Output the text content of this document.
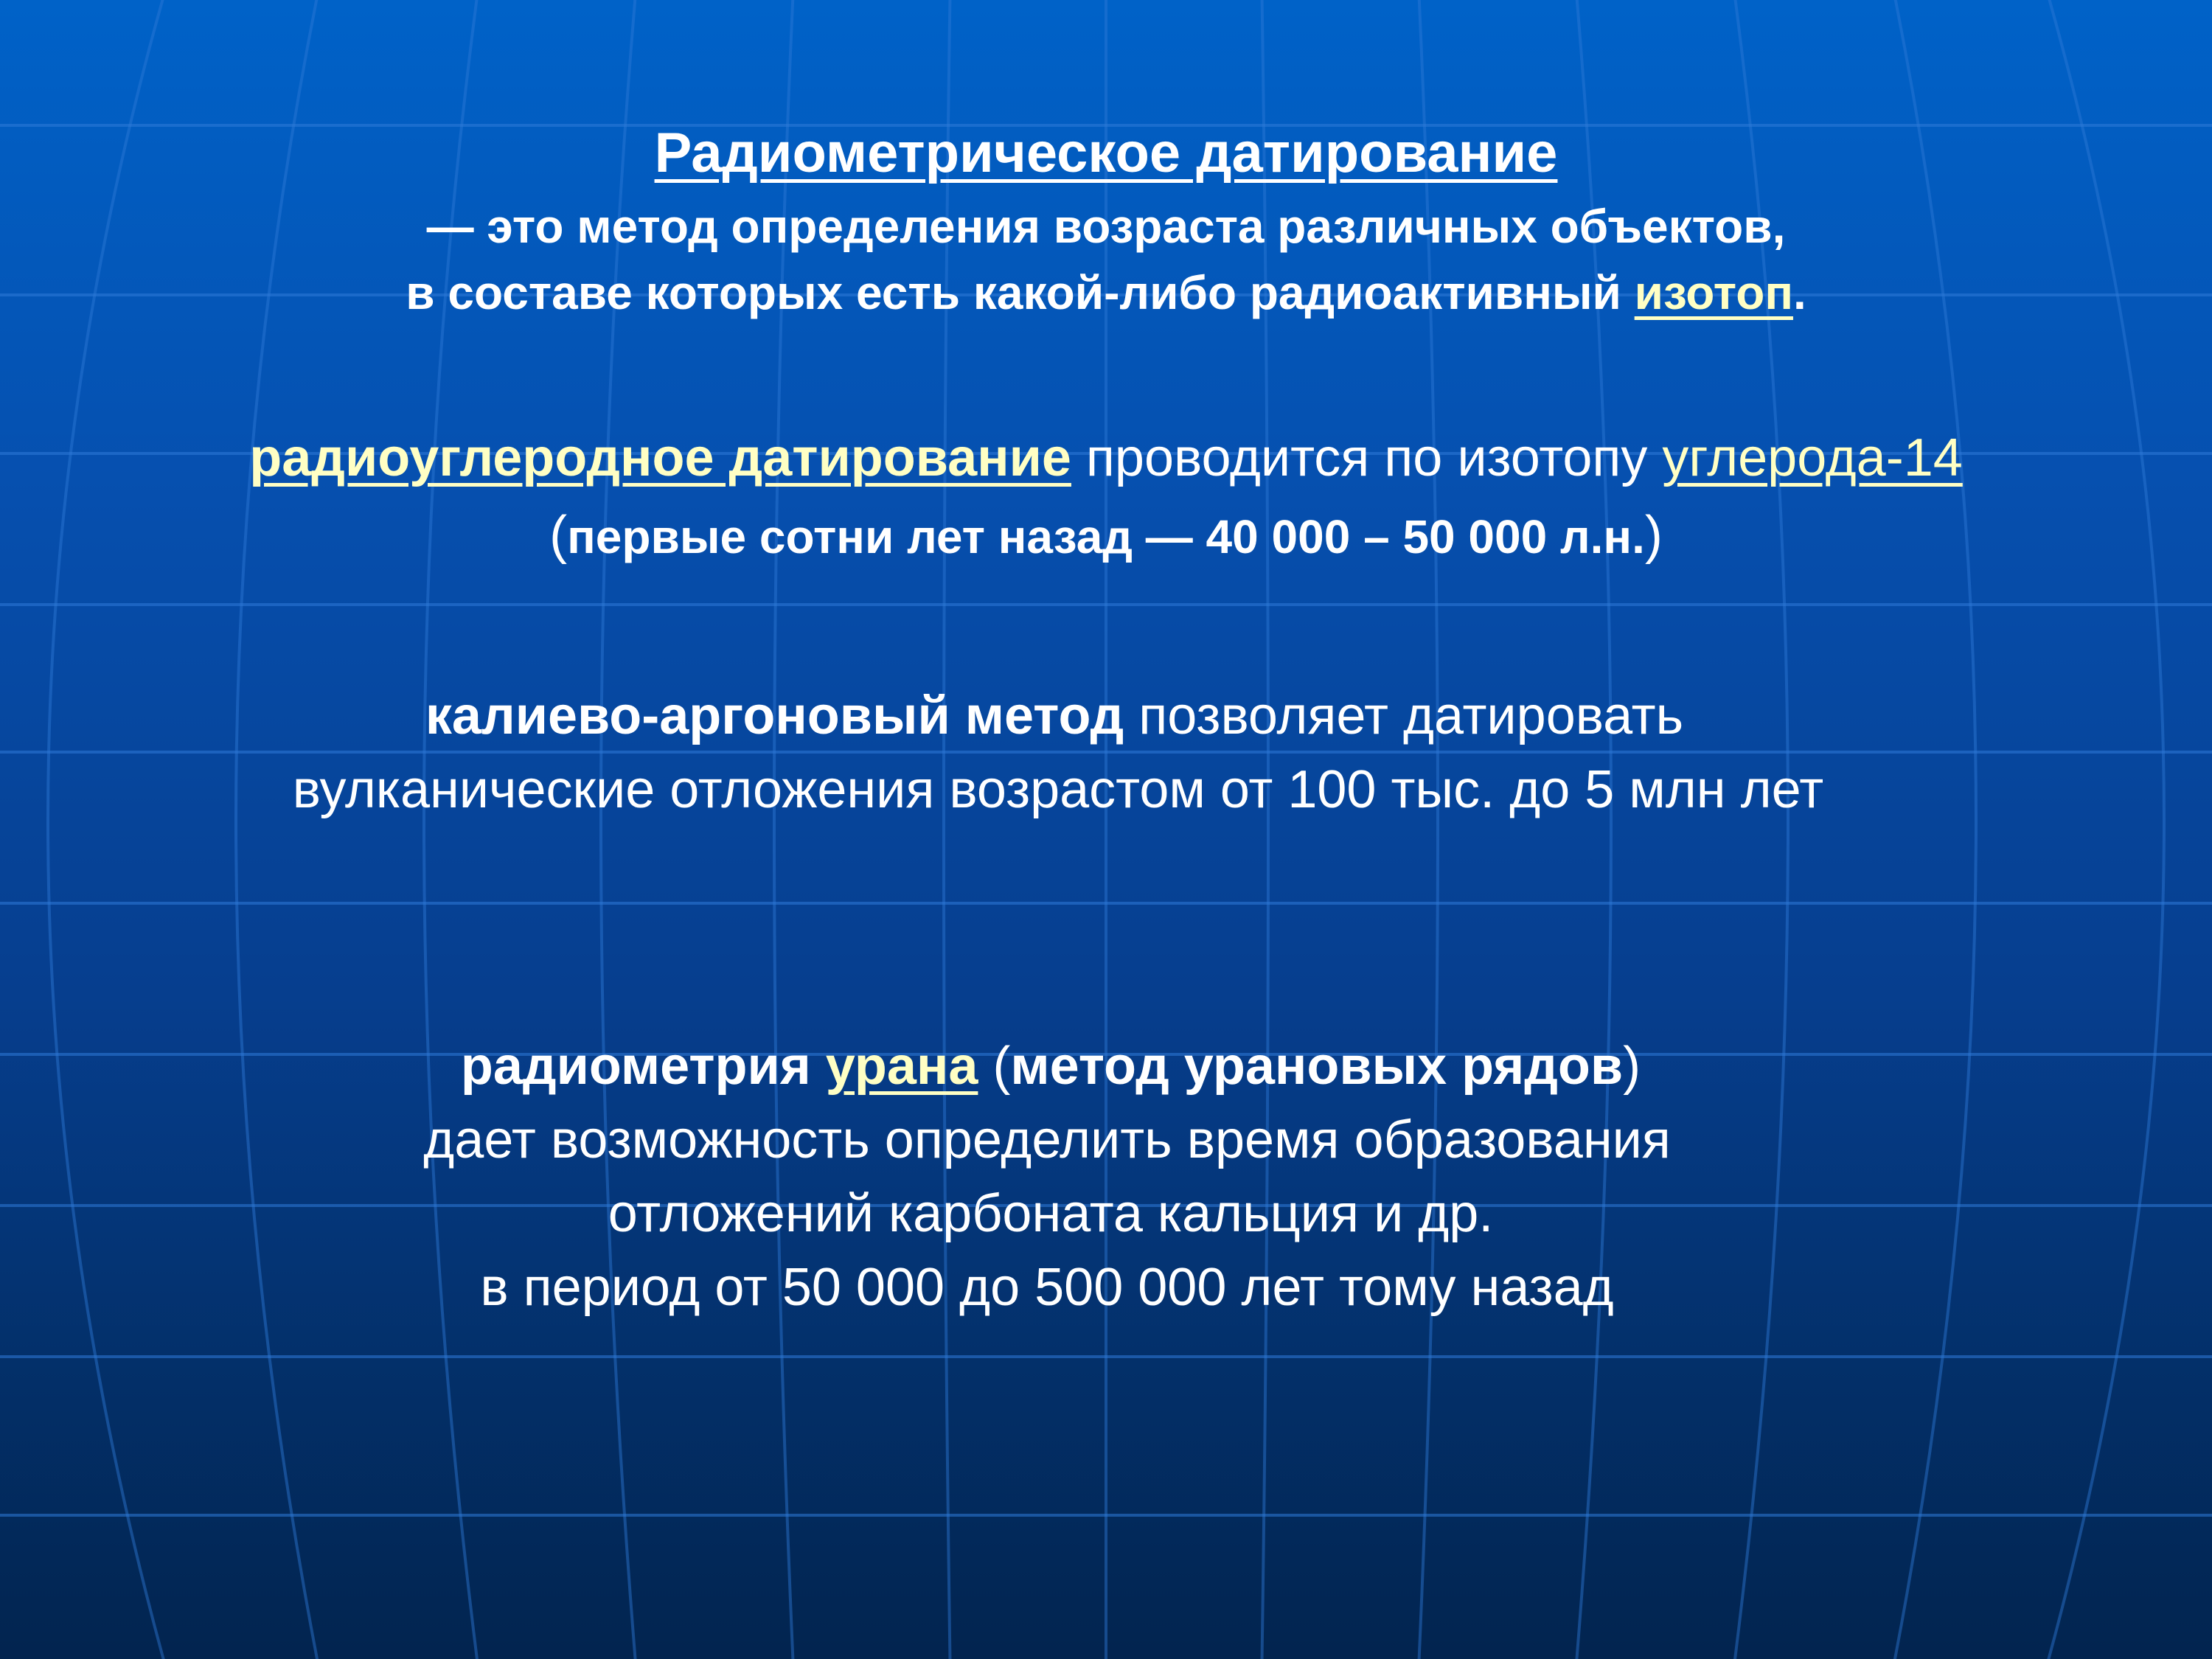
Радиометрическое датирование
— это метод определения возраста различных объектов,
в составе которых есть какой-либо радиоактивный изотоп.
радиоуглеродное датирование проводится по изотопу углерода-14
(первые сотни лет назад — 40 000 – 50 000 л.н.)
калиево-аргоновый метод позволяет датировать
вулканические отложения возрастом от 100 тыс. до 5 млн лет
радиометрия урана (метод урановых рядов)
дает возможность определить время образования
отложений карбоната кальция и др.
в период от 50 000 до 500 000 лет тому назад
